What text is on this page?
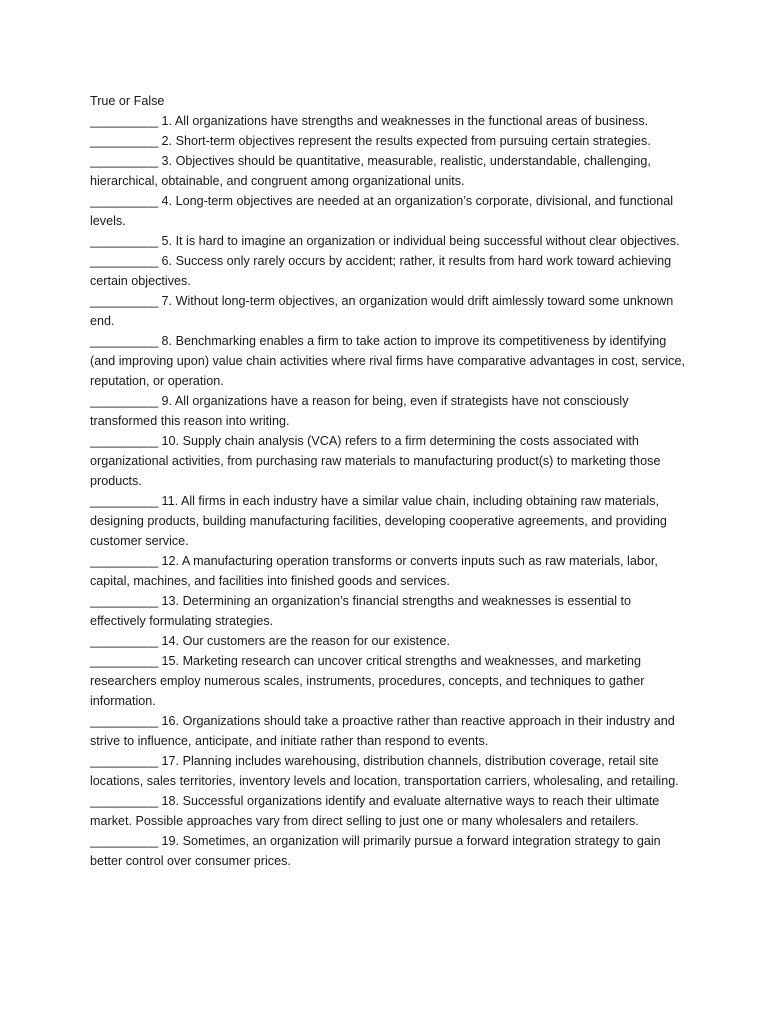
True or False

__________ 1. All organizations have strengths and weaknesses in the functional areas of business.

__________ 2. Short-term objectives represent the results expected from pursuing certain strategies.

__________ 3. Objectives should be quantitative, measurable, realistic, understandable, challenging, hierarchical, obtainable, and congruent among organizational units.

__________ 4. Long-term objectives are needed at an organization’s corporate, divisional, and functional levels.

__________ 5. It is hard to imagine an organization or individual being successful without clear objectives.

__________ 6. Success only rarely occurs by accident; rather, it results from hard work toward achieving certain objectives.

__________ 7. Without long-term objectives, an organization would drift aimlessly toward some unknown end.

__________ 8. Benchmarking enables a firm to take action to improve its competitiveness by identifying (and improving upon) value chain activities where rival firms have comparative advantages in cost, service, reputation, or operation.

__________ 9. All organizations have a reason for being, even if strategists have not consciously transformed this reason into writing.

__________ 10. Supply chain analysis (VCA) refers to a firm determining the costs associated with organizational activities, from purchasing raw materials to manufacturing product(s) to marketing those products.

__________ 11. All firms in each industry have a similar value chain, including obtaining raw materials, designing products, building manufacturing facilities, developing cooperative agreements, and providing customer service.

__________ 12. A manufacturing operation transforms or converts inputs such as raw materials, labor, capital, machines, and facilities into finished goods and services.

__________ 13. Determining an organization’s financial strengths and weaknesses is essential to effectively formulating strategies.

__________ 14. Our customers are the reason for our existence.

__________ 15. Marketing research can uncover critical strengths and weaknesses, and marketing researchers employ numerous scales, instruments, procedures, concepts, and techniques to gather information.

__________ 16. Organizations should take a proactive rather than reactive approach in their industry and strive to influence, anticipate, and initiate rather than respond to events.

__________ 17. Planning includes warehousing, distribution channels, distribution coverage, retail site locations, sales territories, inventory levels and location, transportation carriers, wholesaling, and retailing.

__________ 18. Successful organizations identify and evaluate alternative ways to reach their ultimate market. Possible approaches vary from direct selling to just one or many wholesalers and retailers.

__________ 19. Sometimes, an organization will primarily pursue a forward integration strategy to gain better control over consumer prices.
